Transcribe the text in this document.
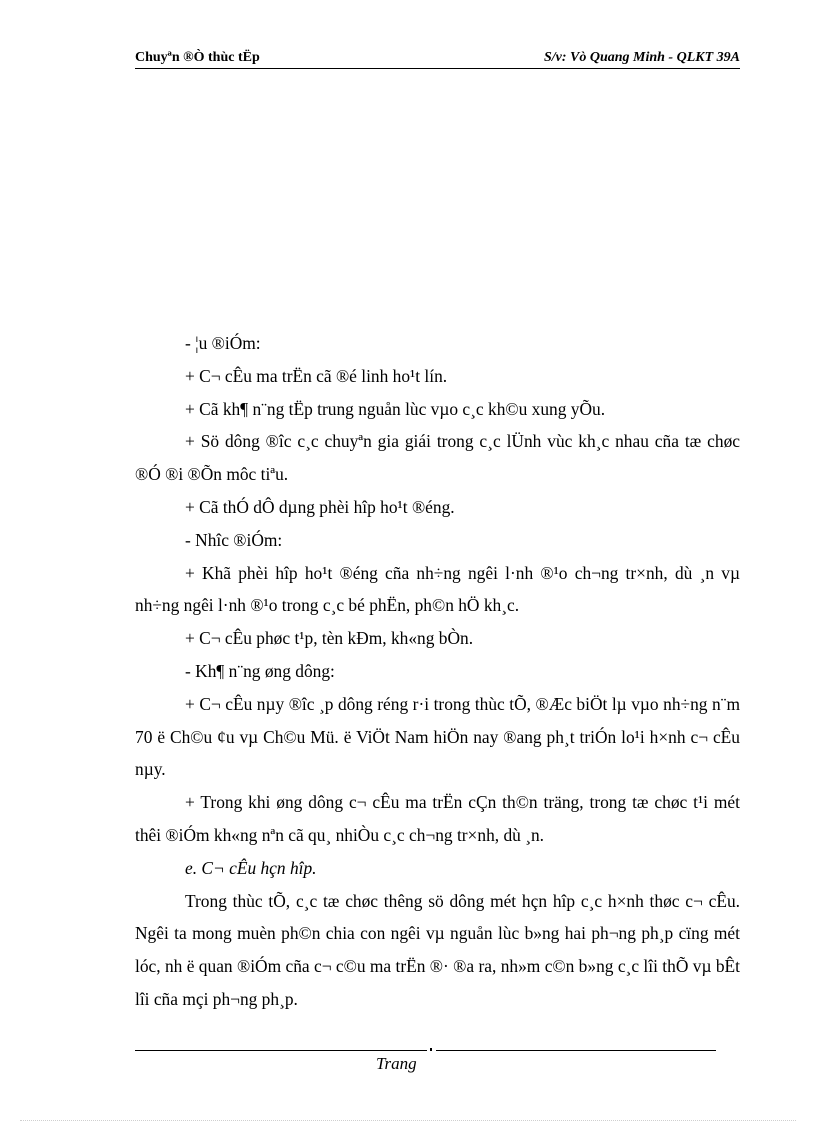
Chuyªn ®Ò thùc tËp	S/v: Vò Quang Minh - QLKT 39A

- ¦u ®iÓm:

+ C¬ cÊu ma trËn cã ®é linh ho¹t lín.

+ Cã kh¶ n¨ng tËp trung nguån lùc vµo c¸c kh©u xung yÕu.

+ Sö dông ®îc c¸c chuyªn gia giái trong c¸c lÜnh vùc kh¸c nhau cña tæ chøc ®Ó ®i ®Õn môc tiªu.

+ Cã thÓ dÔ dµng phèi hîp ho¹t ®éng.

- Nhîc ®iÓm:

+ Khã phèi hîp ho¹t ®éng cña nh÷ng ngêi l·nh ®¹o ch¬ng tr×nh, dù ¸n vµ nh÷ng ngêi l·nh ®¹o trong c¸c bé phËn, ph©n hÖ kh¸c.

+ C¬ cÊu phøc t¹p, tèn kÐm, kh«ng bÒn.

- Kh¶ n¨ng øng dông:

+ C¬ cÊu nµy ®îc ¸p dông réng r·i trong thùc tÕ, ®Æc biÖt lµ vµo nh÷ng n¨m 70 ë Ch©u ¢u vµ Ch©u Mü. ë ViÖt Nam hiÖn nay ®ang ph¸t triÓn lo¹i h×nh c¬ cÊu nµy.

+ Trong khi øng dông c¬ cÊu ma trËn cÇn th©n träng, trong tæ chøc t¹i mét thêi ®iÓm kh«ng nªn cã qu¸ nhiÒu c¸c ch¬ng tr×nh, dù ¸n.

e. C¬ cÊu hçn hîp.

Trong thùc tÕ, c¸c tæ chøc thêng sö dông mét hçn hîp c¸c h×nh thøc c¬ cÊu. Ngêi ta mong muèn ph©n chia con ngêi vµ nguån lùc b»ng hai ph¬ng ph¸p cïng mét lóc, nh ë quan ®iÓm cña c¬ c©u ma trËn ®· ®a ra, nh»m c©n b»ng c¸c lîi thÕ vµ bÊt lîi cña mçi ph¬ng ph¸p.

Trang
